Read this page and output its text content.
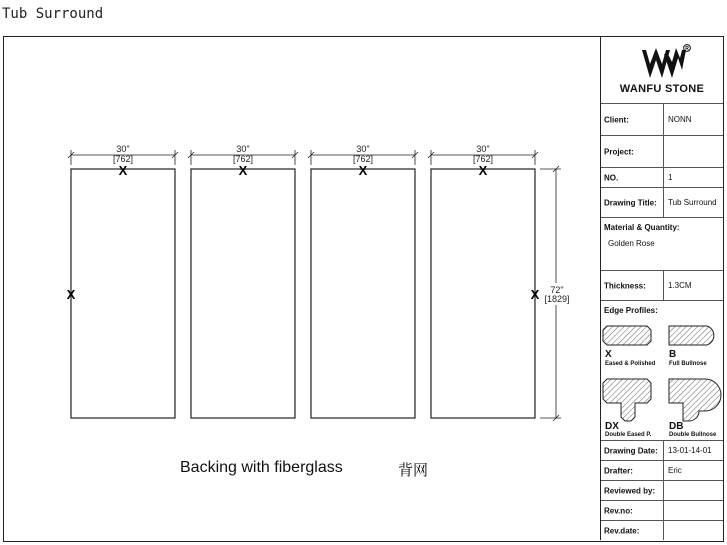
Tub Surround
30"
[762]
30"
[762]
30"
[762]
30"
[762]
X	X	X	X
X	X 72"
[1829]
Backing with fiberglass	背网
R
WANFU STONE
Client:	NONN
Project:
NO.	1
Drawing Title:	Tub Surround
Material & Quantity:
Golden Rose
Thickness:	1.3CM
Edge Profiles:
X
Eased & Polished
B
Full Bullnose
DX
Double Eased P.
DB
Double Bullnose
Drawing Date:	13-01-14-01
Drafter:	Eric
Reviewed by:
Rev.no:
Rev.date:
